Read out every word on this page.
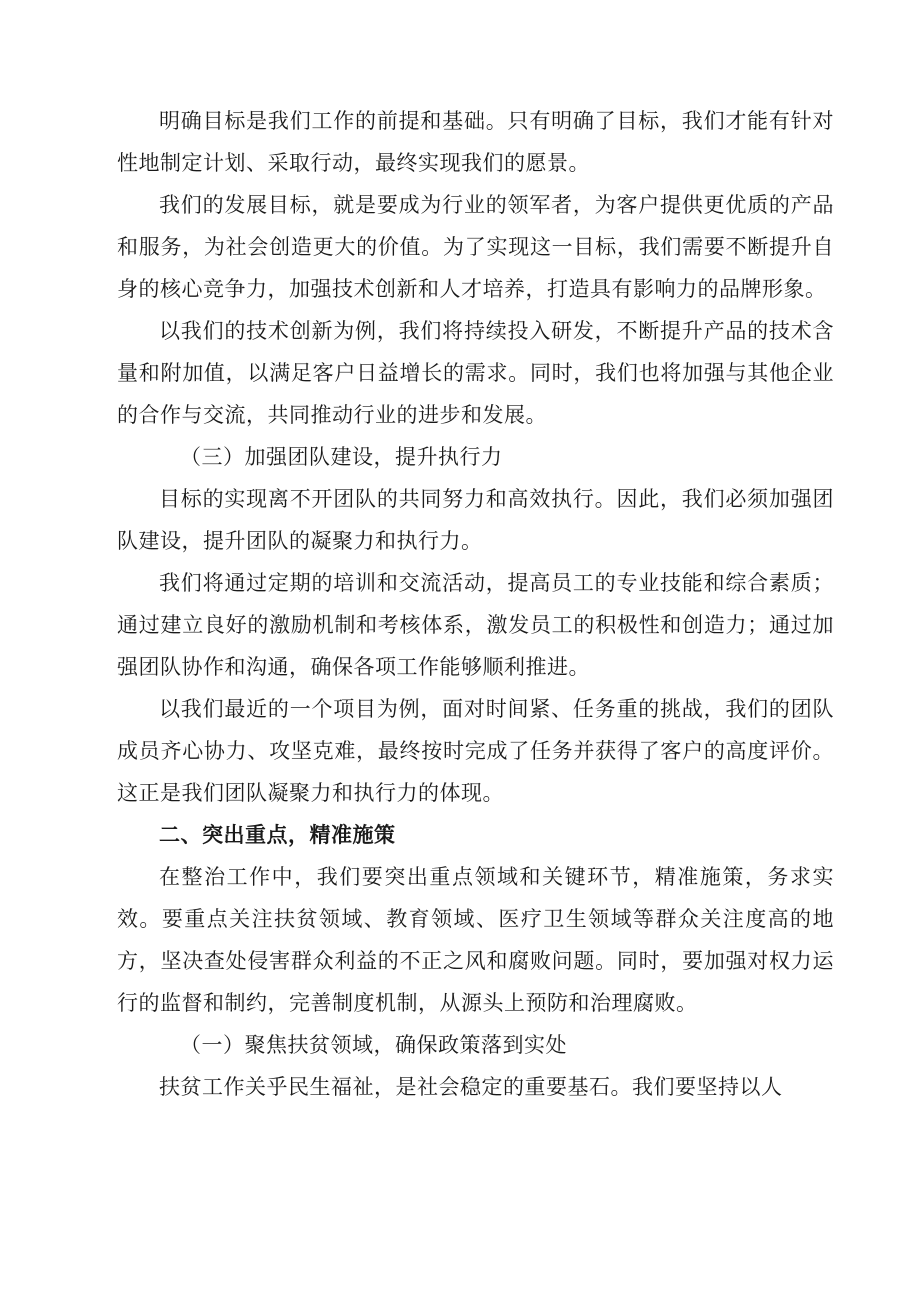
明确目标是我们工作的前提和基础。只有明确了目标，我们才能有针对性地制定计划、采取行动，最终实现我们的愿景。

我们的发展目标，就是要成为行业的领军者，为客户提供更优质的产品和服务，为社会创造更大的价值。为了实现这一目标，我们需要不断提升自身的核心竞争力，加强技术创新和人才培养，打造具有影响力的品牌形象。

以我们的技术创新为例，我们将持续投入研发，不断提升产品的技术含量和附加值，以满足客户日益增长的需求。同时，我们也将加强与其他企业的合作与交流，共同推动行业的进步和发展。

（三）加强团队建设，提升执行力

目标的实现离不开团队的共同努力和高效执行。因此，我们必须加强团队建设，提升团队的凝聚力和执行力。

我们将通过定期的培训和交流活动，提高员工的专业技能和综合素质；通过建立良好的激励机制和考核体系，激发员工的积极性和创造力；通过加强团队协作和沟通，确保各项工作能够顺利推进。

以我们最近的一个项目为例，面对时间紧、任务重的挑战，我们的团队成员齐心协力、攻坚克难，最终按时完成了任务并获得了客户的高度评价。这正是我们团队凝聚力和执行力的体现。

二、突出重点，精准施策

在整治工作中，我们要突出重点领域和关键环节，精准施策，务求实效。要重点关注扶贫领域、教育领域、医疗卫生领域等群众关注度高的地方，坚决查处侵害群众利益的不正之风和腐败问题。同时，要加强对权力运行的监督和制约，完善制度机制，从源头上预防和治理腐败。

（一）聚焦扶贫领域，确保政策落到实处

扶贫工作关乎民生福祉，是社会稳定的重要基石。我们要坚持以人
